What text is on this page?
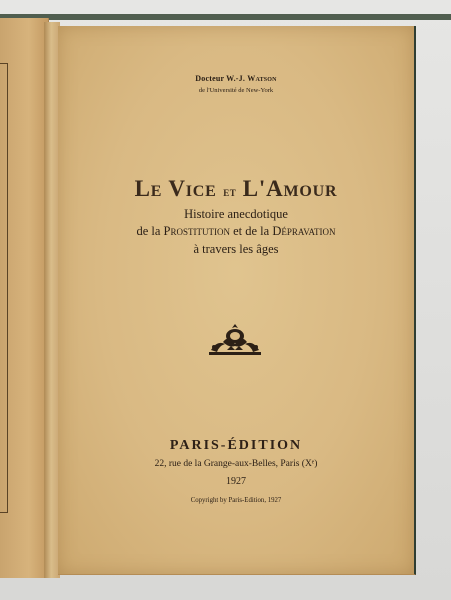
Docteur W.-J. Watson
de l'Université de New-York
Le Vice et L'Amour
Histoire anecdotique
de la Prostitution et de la Dépravation
à travers les âges
PARIS-ÉDITION
22, rue de la Grange-aux-Belles, Paris (Xᵉ)
1927
Copyright by Paris-Edition, 1927
